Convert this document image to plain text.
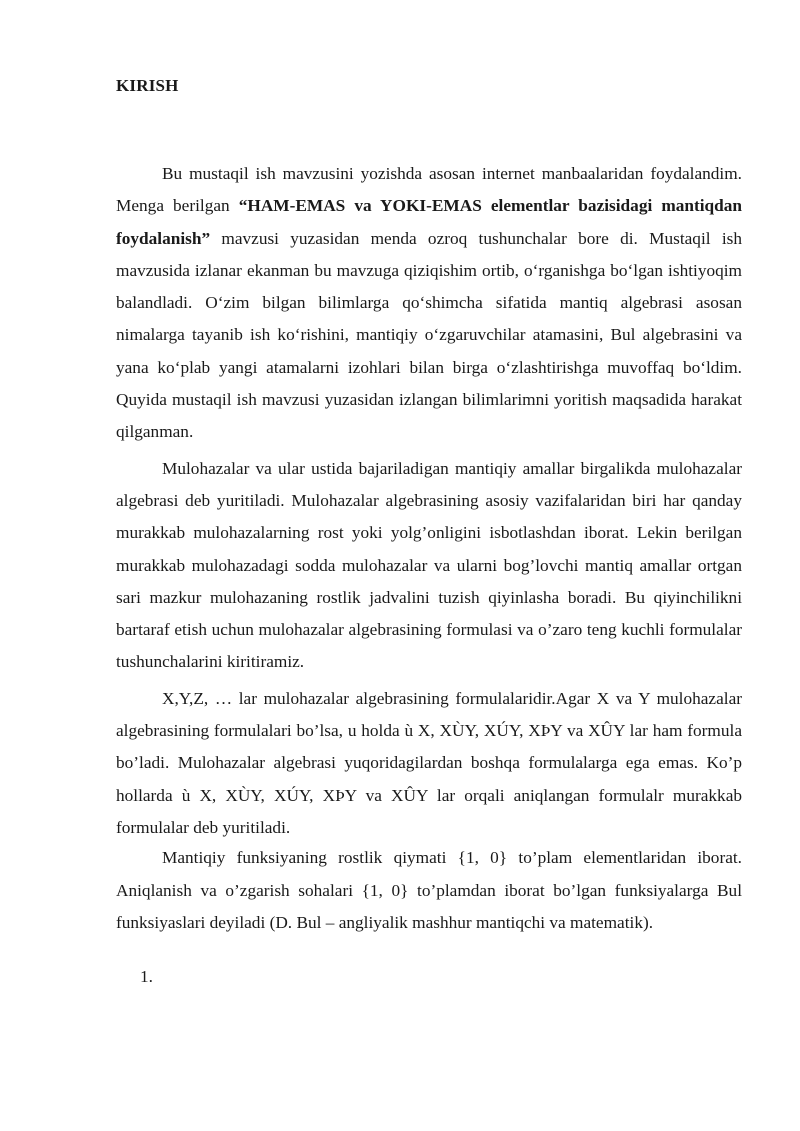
KIRISH

Bu mustaqil ish mavzusini yozishda asosan internet manbaalaridan foydalandim. Menga berilgan “HAM-EMAS va YOKI-EMAS elementlar bazisidagi mantiqdan foydalanish” mavzusi yuzasidan menda ozroq tushunchalar bore di. Mustaqil ish mavzusida izlanar ekanman bu mavzuga qiziqishim ortib, oʻrganishga boʻlgan ishtiyoqim balandladi. Oʻzim bilgan bilimlarga qoʻshimcha sifatida mantiq algebrasi asosan nimalarga tayanib ish koʻrishini, mantiqiy oʻzgaruvchilar atamasini, Bul algebrasini va yana koʻplab yangi atamalarni izohlari bilan birga oʻzlashtirishga muvoffaq boʻldim. Quyida mustaqil ish mavzusi yuzasidan izlangan bilimlarimni yoritish maqsadida harakat qilganman.

Mulohazalar va ular ustida bajariladigan mantiqiy amallar birgalikda mulohazalar algebrasi deb yuritiladi. Mulohazalar algebrasining asosiy vazifalaridan biri har qanday murakkab mulohazalarning rost yoki yolg’onligini isbotlashdan iborat. Lekin berilgan murakkab mulohazadagi sodda mulohazalar va ularni bog’lovchi mantiq amallar ortgan sari mazkur mulohazaning rostlik jadvalini tuzish qiyinlasha boradi. Bu qiyinchilikni bartaraf etish uchun mulohazalar algebrasining formulasi va o’zaro teng kuchli formulalar tushunchalarini kiritiramiz.

X,Y,Z, … lar mulohazalar algebrasining formulalaridir.Agar X va Y mulohazalar algebrasining formulalari bo’lsa, u holda ù X, XÙY, XÚY, XÞY va XÛY lar ham formula bo’ladi. Mulohazalar algebrasi yuqoridagilardan boshqa formulalarga ega emas. Ko’p hollarda ù X, XÙY, XÚY, XÞY va XÛY lar orqali aniqlangan formulalr murakkab formulalar deb yuritiladi.

Mantiqiy funksiyaning rostlik qiymati {1, 0} to’plam elementlaridan iborat. Aniqlanish va o’zgarish sohalari {1, 0} to’plamdan iborat bo’lgan funksiyalarga Bul funksiyaslari deyiladi (D. Bul – angliyalik mashhur mantiqchi va matematik).

1.
